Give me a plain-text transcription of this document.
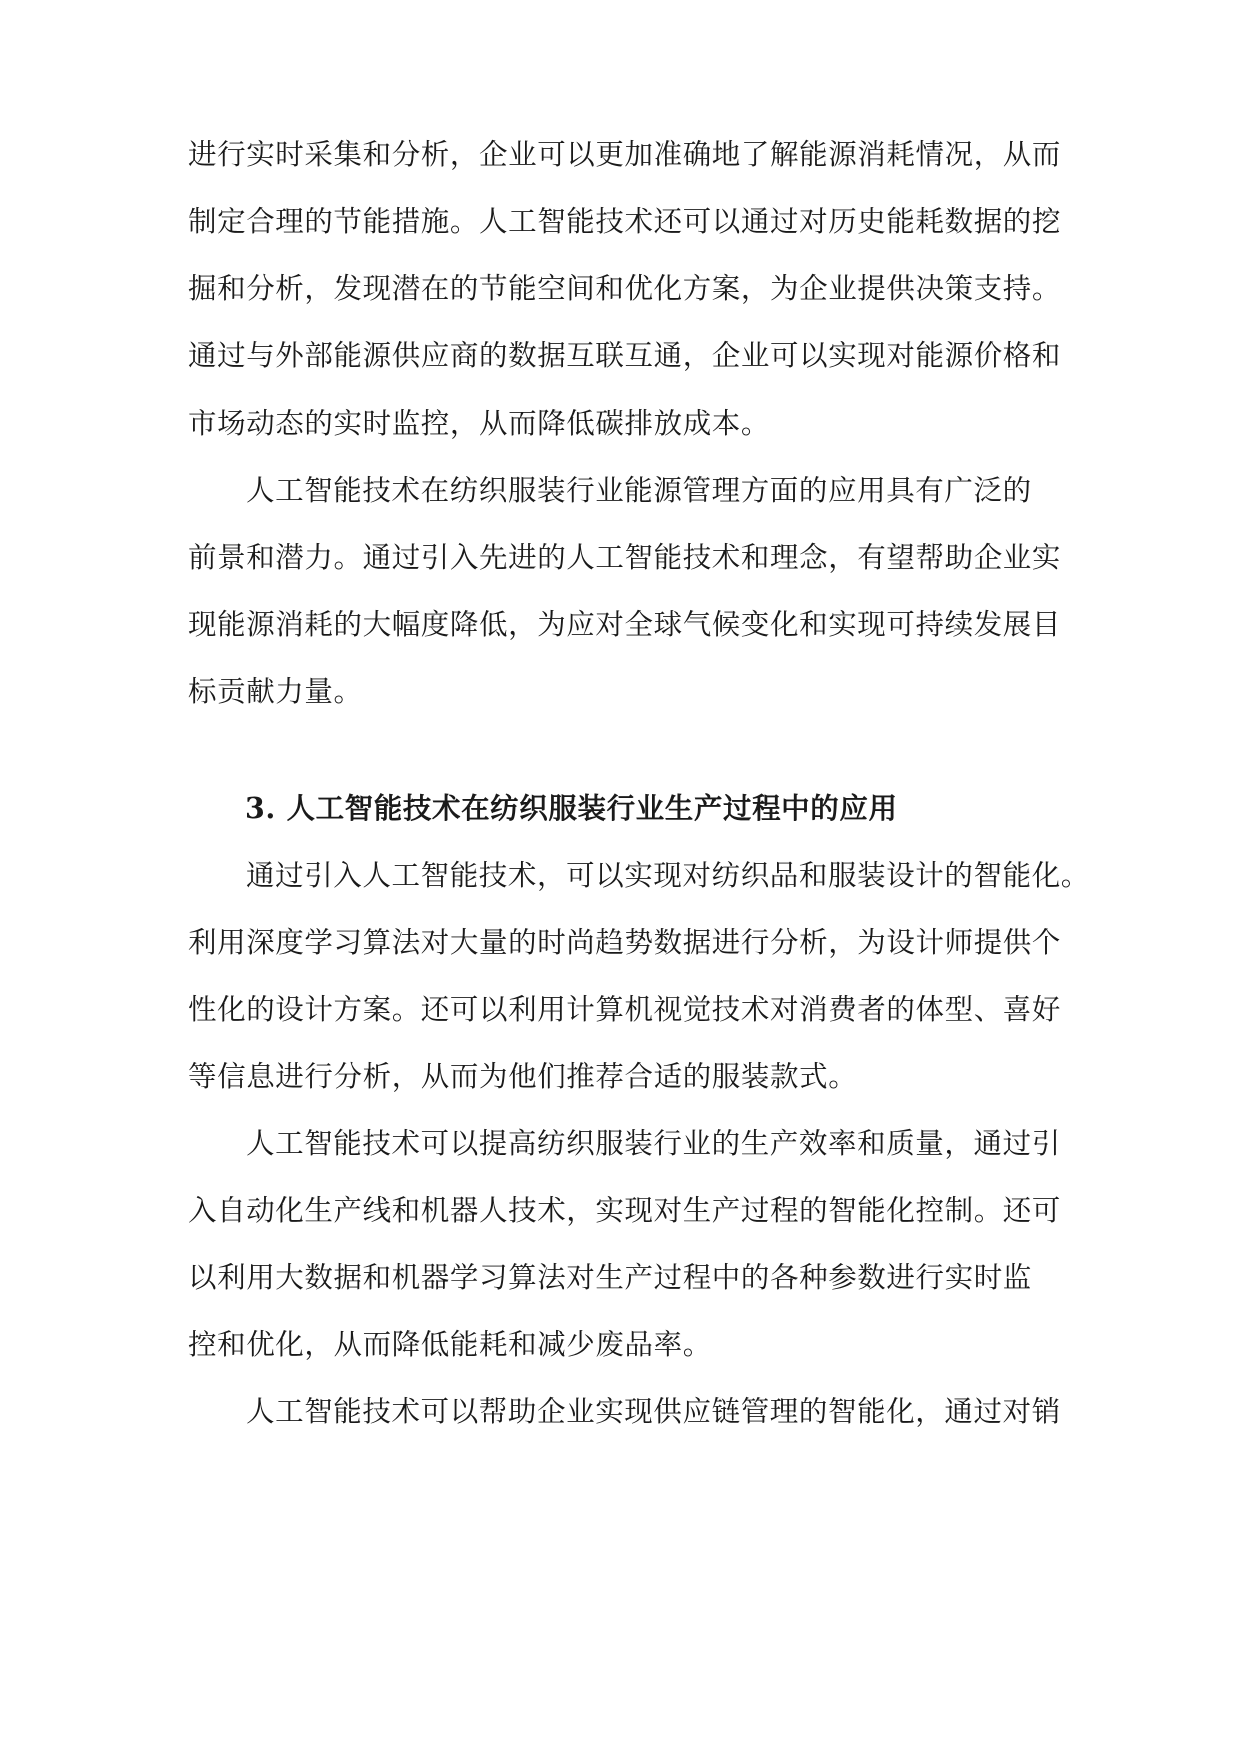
进行实时采集和分析，企业可以更加准确地了解能源消耗情况，从而
制定合理的节能措施。人工智能技术还可以通过对历史能耗数据的挖
掘和分析，发现潜在的节能空间和优化方案，为企业提供决策支持。
通过与外部能源供应商的数据互联互通，企业可以实现对能源价格和
市场动态的实时监控，从而降低碳排放成本。
人工智能技术在纺织服装行业能源管理方面的应用具有广泛的
前景和潜力。通过引入先进的人工智能技术和理念，有望帮助企业实
现能源消耗的大幅度降低，为应对全球气候变化和实现可持续发展目
标贡献力量。
3. 人工智能技术在纺织服装行业生产过程中的应用
通过引入人工智能技术，可以实现对纺织品和服装设计的智能化。
利用深度学习算法对大量的时尚趋势数据进行分析，为设计师提供个
性化的设计方案。还可以利用计算机视觉技术对消费者的体型、喜好
等信息进行分析，从而为他们推荐合适的服装款式。
人工智能技术可以提高纺织服装行业的生产效率和质量，通过引
入自动化生产线和机器人技术，实现对生产过程的智能化控制。还可
以利用大数据和机器学习算法对生产过程中的各种参数进行实时监
控和优化，从而降低能耗和减少废品率。
人工智能技术可以帮助企业实现供应链管理的智能化，通过对销
